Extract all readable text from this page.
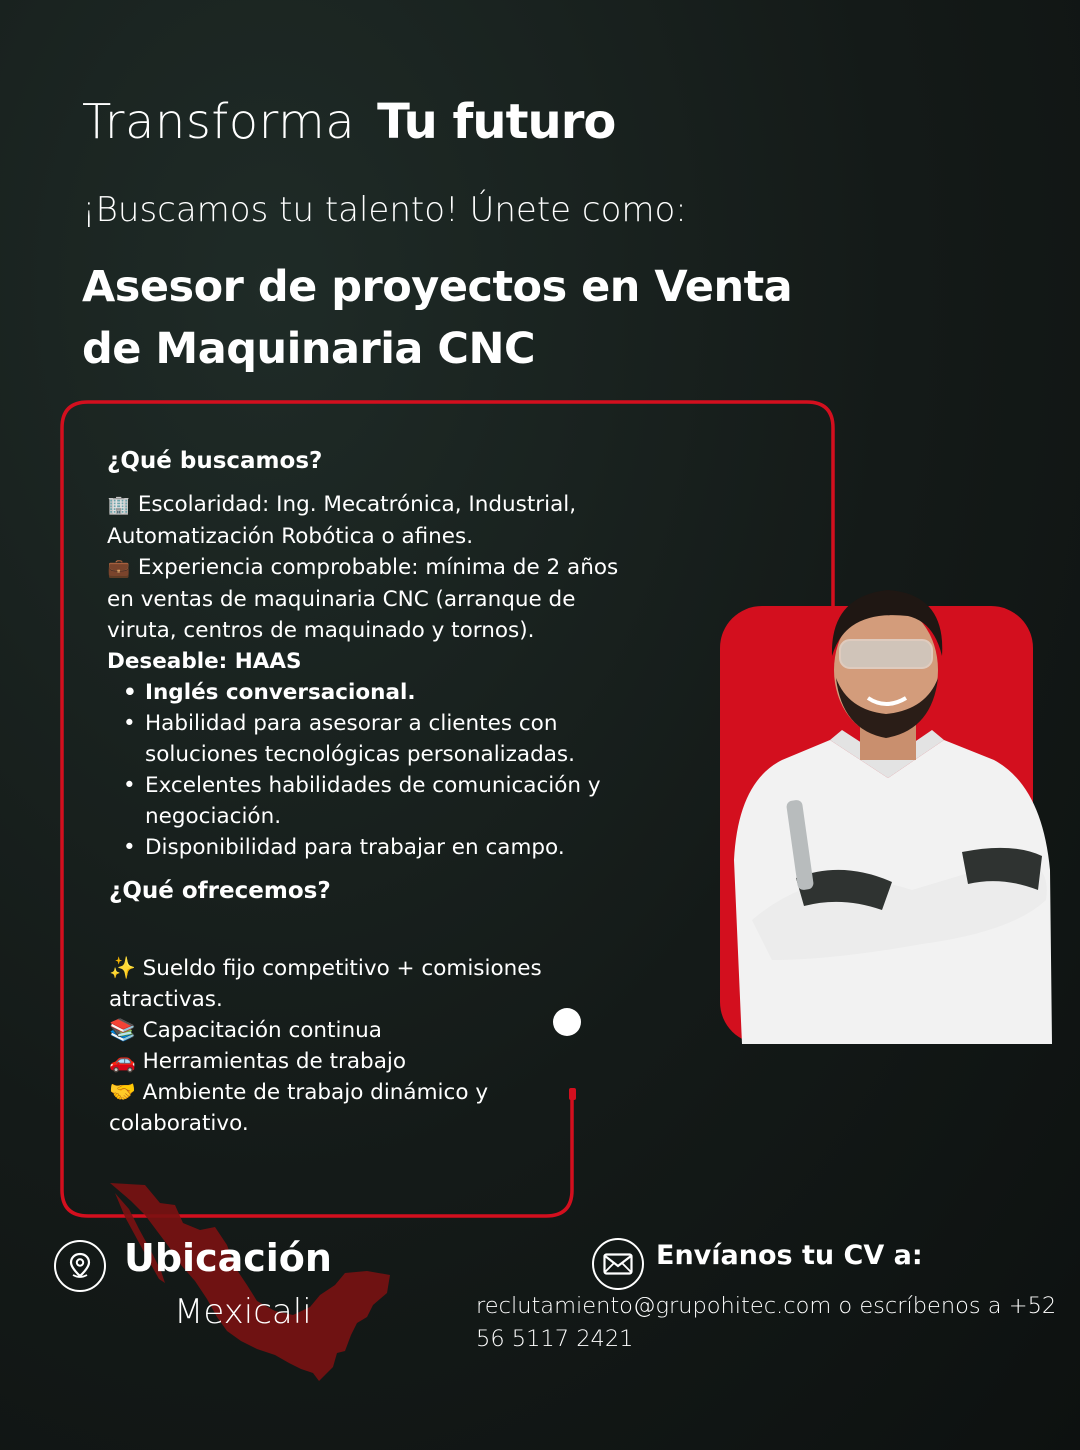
Transforma Tu futuro
¡Buscamos tu talento! Únete como:
Asesor de proyectos en Venta
de Maquinaria CNC
¿Qué buscamos?
🏢 Escolaridad: Ing. Mecatrónica, Industrial, Automatización Robótica o afines.
💼 Experiencia comprobable: mínima de 2 años en ventas de maquinaria CNC (arranque de viruta, centros de maquinado y tornos).
Deseable: HAAS
• Inglés conversacional.
• Habilidad para asesorar a clientes con soluciones tecnológicas personalizadas.
• Excelentes habilidades de comunicación y negociación.
• Disponibilidad para trabajar en campo.
¿Qué ofrecemos?
✨ Sueldo fijo competitivo + comisiones atractivas.
📚 Capacitación continua
🚗 Herramientas de trabajo
🤝 Ambiente de trabajo dinámico y colaborativo.
Ubicación
Mexicali
Envíanos tu CV a:
reclutamiento@grupohitec.com o escríbenos a +52 56 5117 2421
